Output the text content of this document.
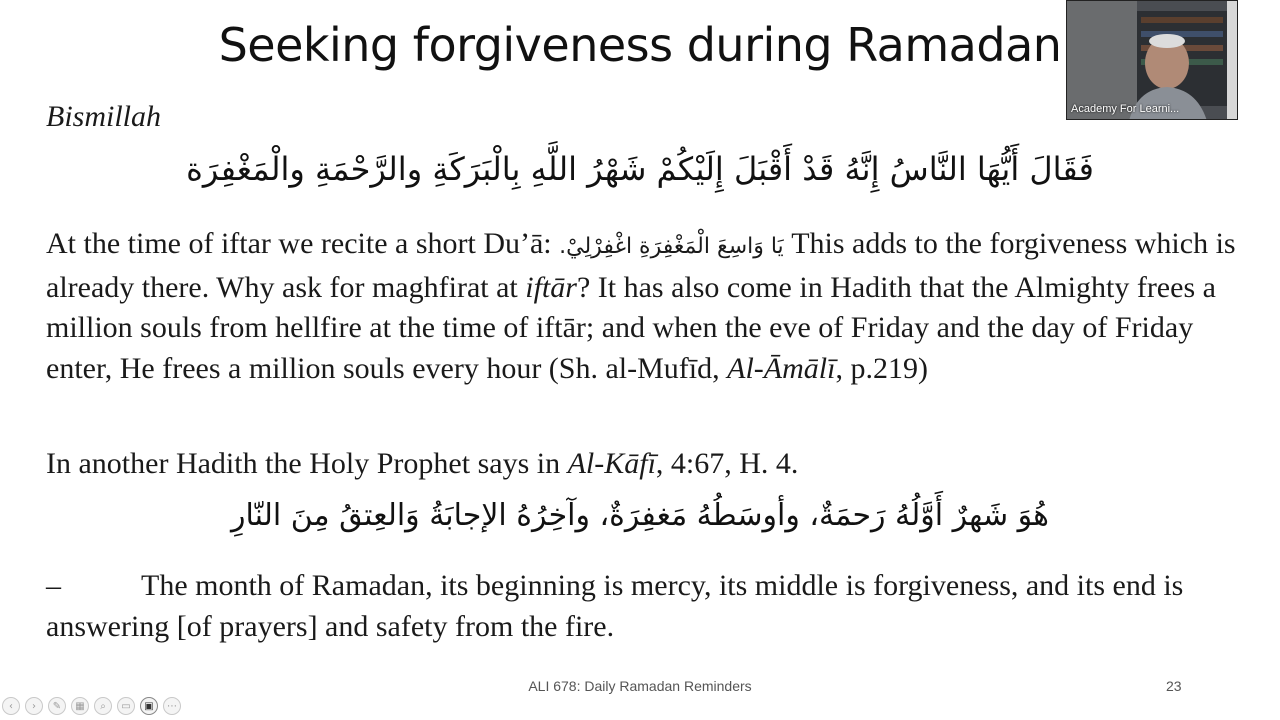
Seeking forgiveness during Ramadan
Bismillah
فَقَالَ أَيُّهَا النَّاسُ إِنَّهُ قَدْ أَقْبَلَ إِلَيْكُمْ شَهْرُ اللَّهِ بِالْبَرَكَةِ والرَّحْمَةِ والْمَغْفِرَة
At the time of iftar we recite a short Du’ā: يَا وَاسِعَ الْمَغْفِرَةِ اغْفِرْلِيْ. This adds to the forgiveness which is already there. Why ask for maghfirat at iftār? It has also come in Hadith that the Almighty frees a million souls from hellfire at the time of iftār; and when the eve of Friday and the day of Friday enter, He frees a million souls every hour (Sh. al-Mufīd, Al-Āmālī, p.219)
In another Hadith the Holy Prophet says in Al-Kāfī, 4:67, H. 4.
هُوَ شَهرٌ أَوَّلُهُ رَحمَةٌ، وأوسَطُهُ مَغفِرَةٌ، وآخِرُهُ الإجابَةُ وَالعِتقُ مِنَ النّارِ
–	The month of Ramadan, its beginning is mercy, its middle is forgiveness, and its end is answering [of prayers] and safety from the fire.
ALI 678: Daily Ramadan Reminders	23
‹	›	✎	▦	⌕	▭	▣	⋯
Academy For Learni...
